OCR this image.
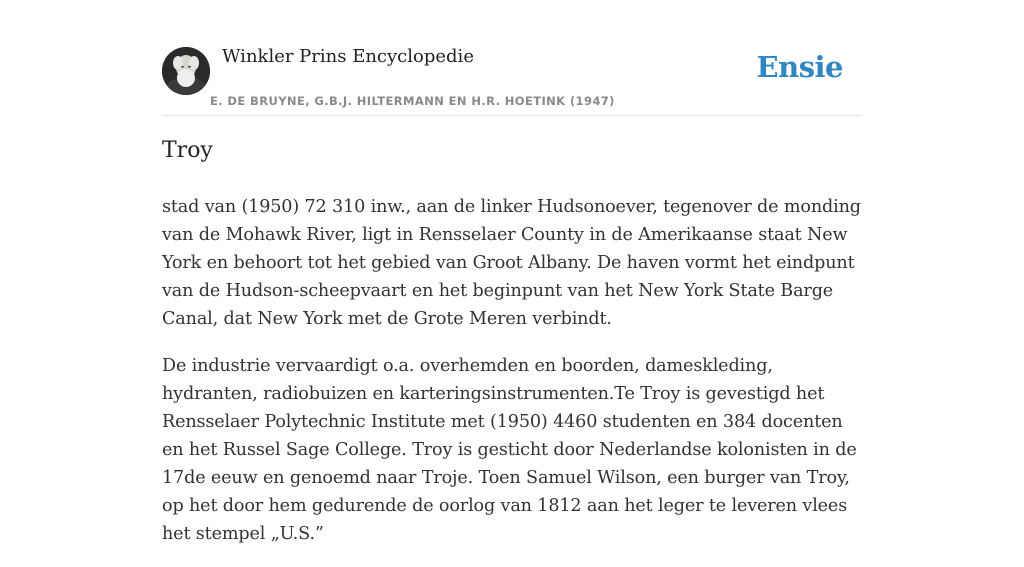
Winkler Prins Encyclopedie
E. DE BRUYNE, G.B.J. HILTERMANN EN H.R. HOETINK (1947)
Ensie
Troy

stad van (1950) 72 310 inw., aan de linker Hudsonoever, tegenover de monding van de Mohawk River, ligt in Rensselaer County in de Amerikaanse staat New York en behoort tot het gebied van Groot Albany. De haven vormt het eindpunt van de Hudson-scheepvaart en het beginpunt van het New York State Barge Canal, dat New York met de Grote Meren verbindt.

De industrie vervaardigt o.a. overhemden en boorden, dameskleding, hydranten, radiobuizen en karteringsinstrumenten.Te Troy is gevestigd het Rensselaer Polytechnic Institute met (1950) 4460 studenten en 384 docenten en het Russel Sage College. Troy is gesticht door Nederlandse kolonisten in de 17de eeuw en genoemd naar Troje. Toen Samuel Wilson, een burger van Troy, op het door hem gedurende de oorlog van 1812 aan het leger te leveren vlees het stempel „U.S.”
